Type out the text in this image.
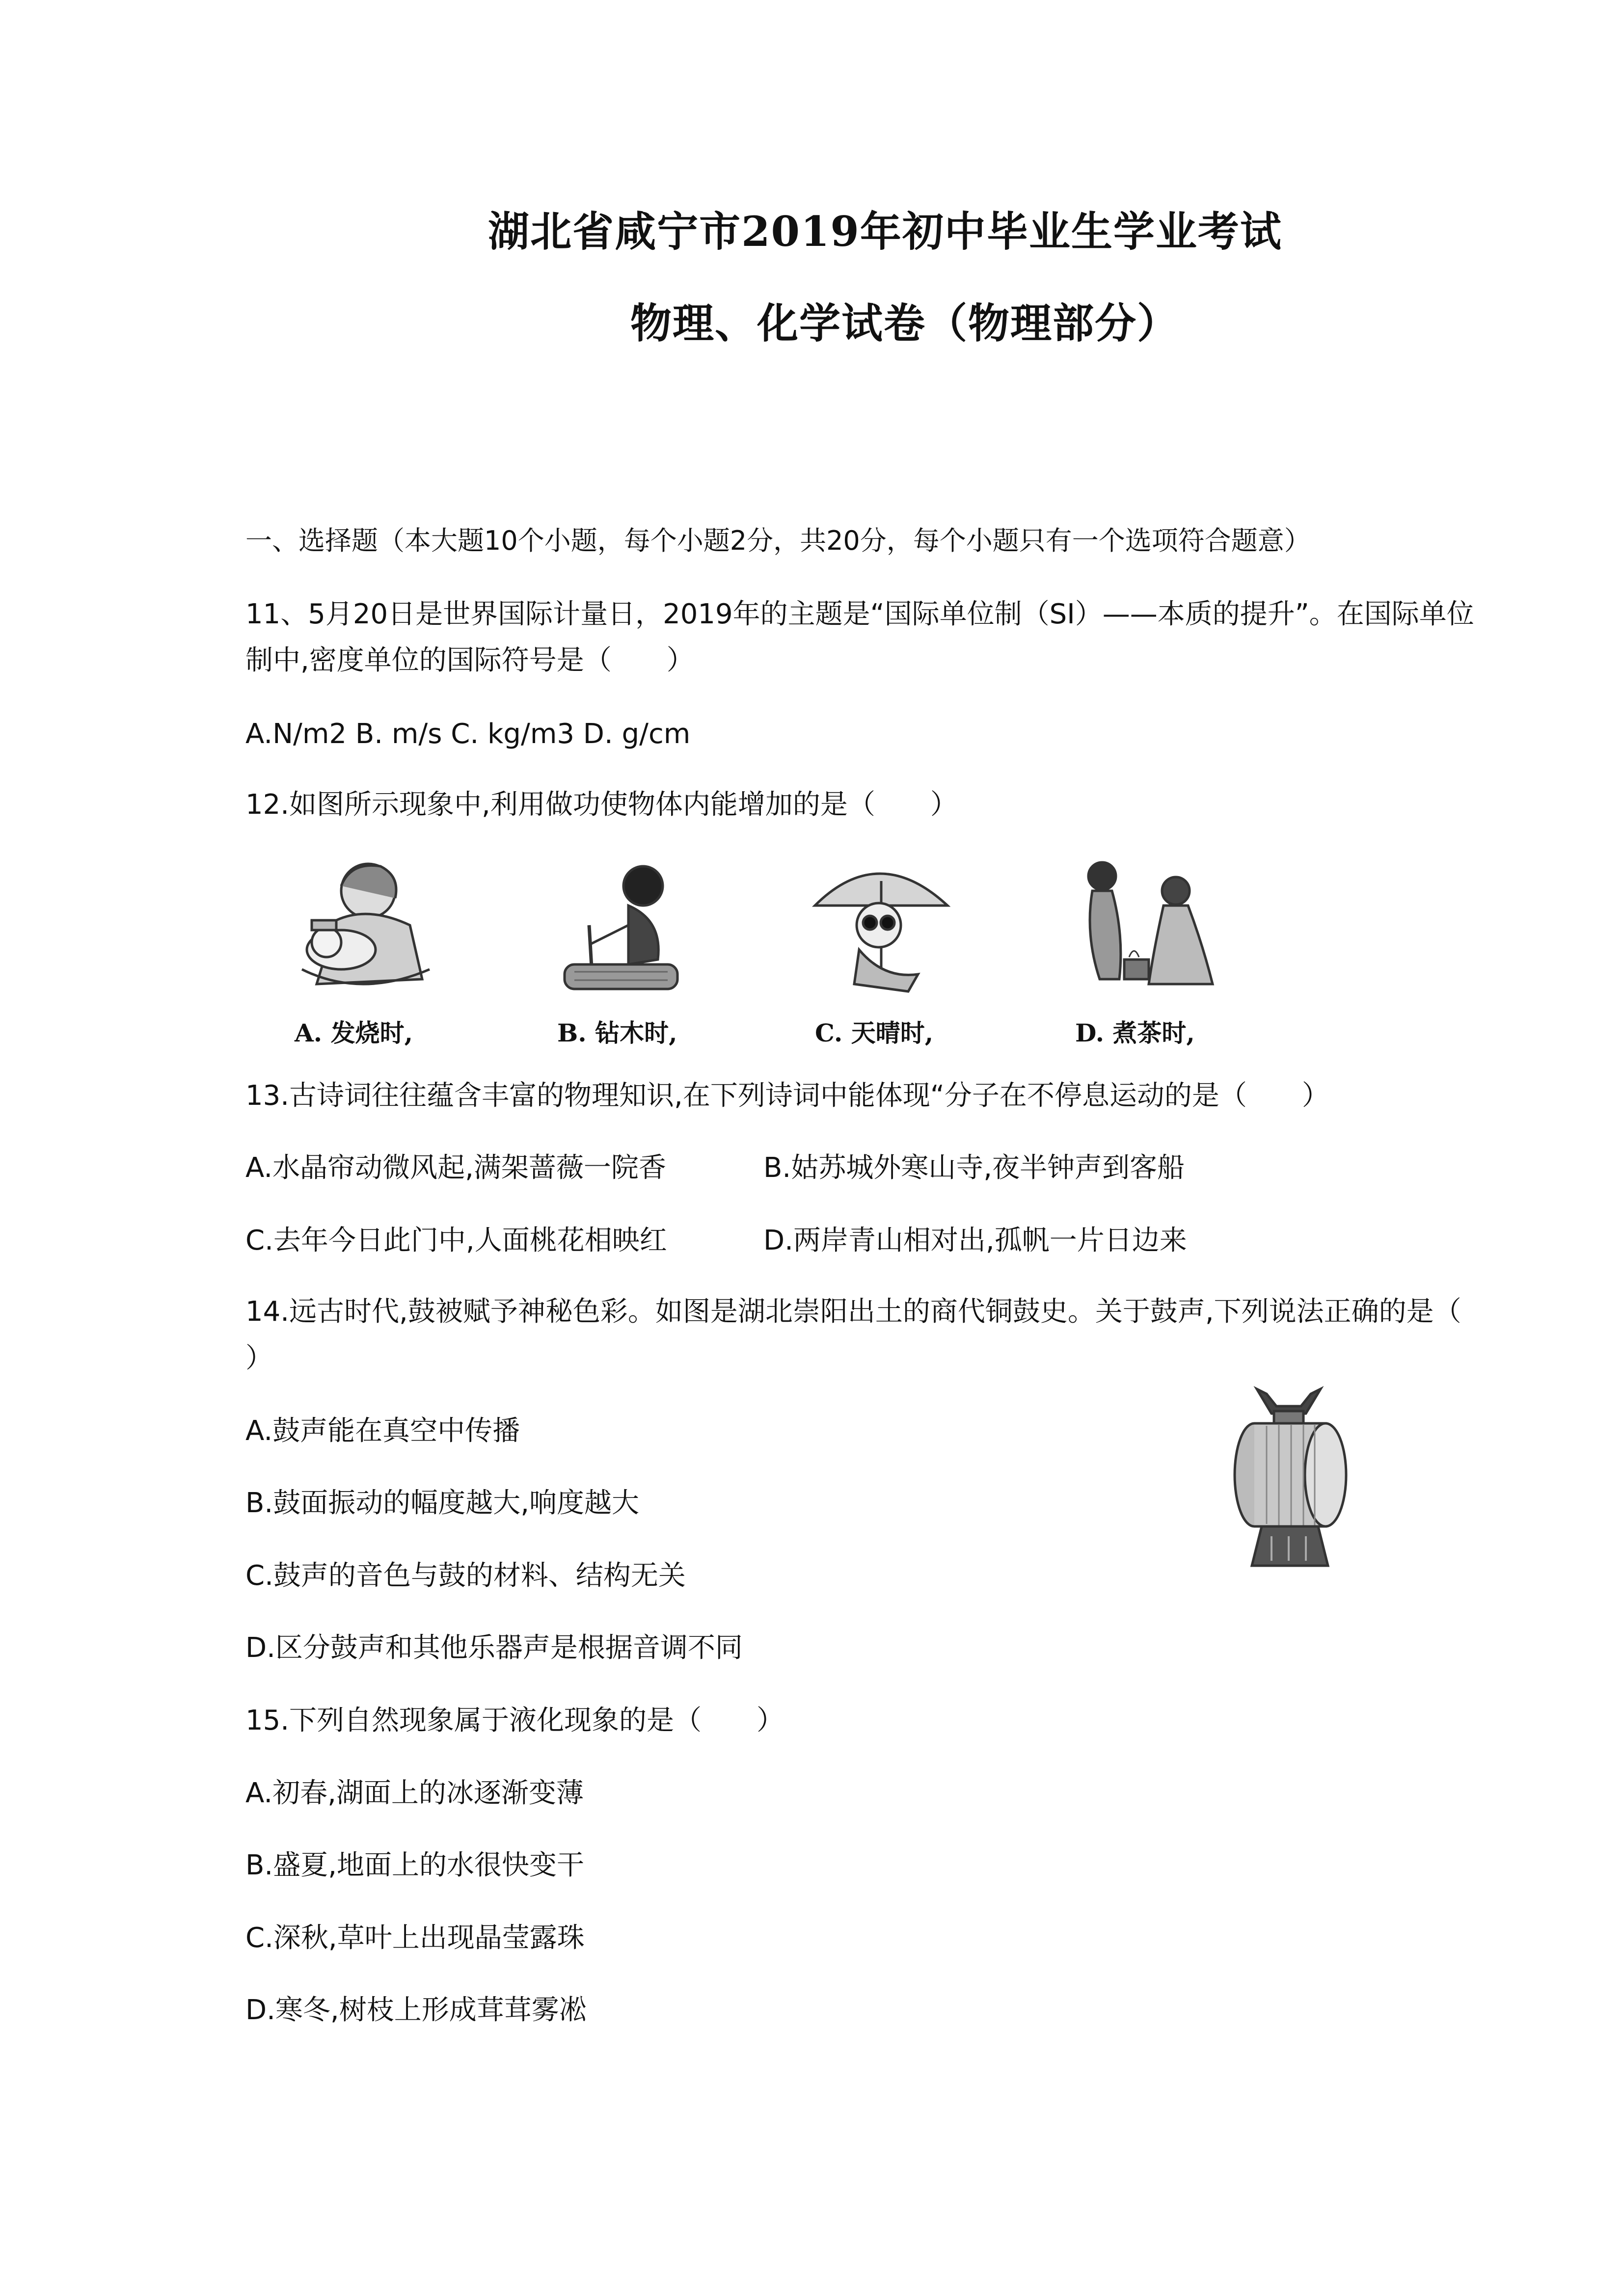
湖北省咸宁市2019年初中毕业生学业考试
物理、化学试卷（物理部分）
一、选择题（本大题10个小题，每个小题2分，共20分，每个小题只有一个选项符合题意）
11、5月20日是世界国际计量日，2019年的主题是“国际单位制（SI）——本质的提升”。在国际单位
制中,密度单位的国际符号是（　　）
A.N/m2 B. m/s C. kg/m3 D. g/cm
12.如图所示现象中,利用做功使物体内能增加的是（　　）
A. 发烧时,	B. 钻木时,	C. 天晴时,	D. 煮茶时,
13.古诗词往往蕴含丰富的物理知识,在下列诗词中能体现“分子在不停息运动的是（　　）
A.水晶帘动微风起,满架蔷薇一院香	B.姑苏城外寒山寺,夜半钟声到客船
C.去年今日此门中,人面桃花相映红	D.两岸青山相对出,孤帆一片日边来
14.远古时代,鼓被赋予神秘色彩。如图是湖北崇阳出土的商代铜鼓史。关于鼓声,下列说法正确的是（
）
A.鼓声能在真空中传播
B.鼓面振动的幅度越大,响度越大
C.鼓声的音色与鼓的材料、结构无关
D.区分鼓声和其他乐器声是根据音调不同
15.下列自然现象属于液化现象的是（　　）
A.初春,湖面上的冰逐渐变薄
B.盛夏,地面上的水很快变干
C.深秋,草叶上出现晶莹露珠
D.寒冬,树枝上形成茸茸雾凇
